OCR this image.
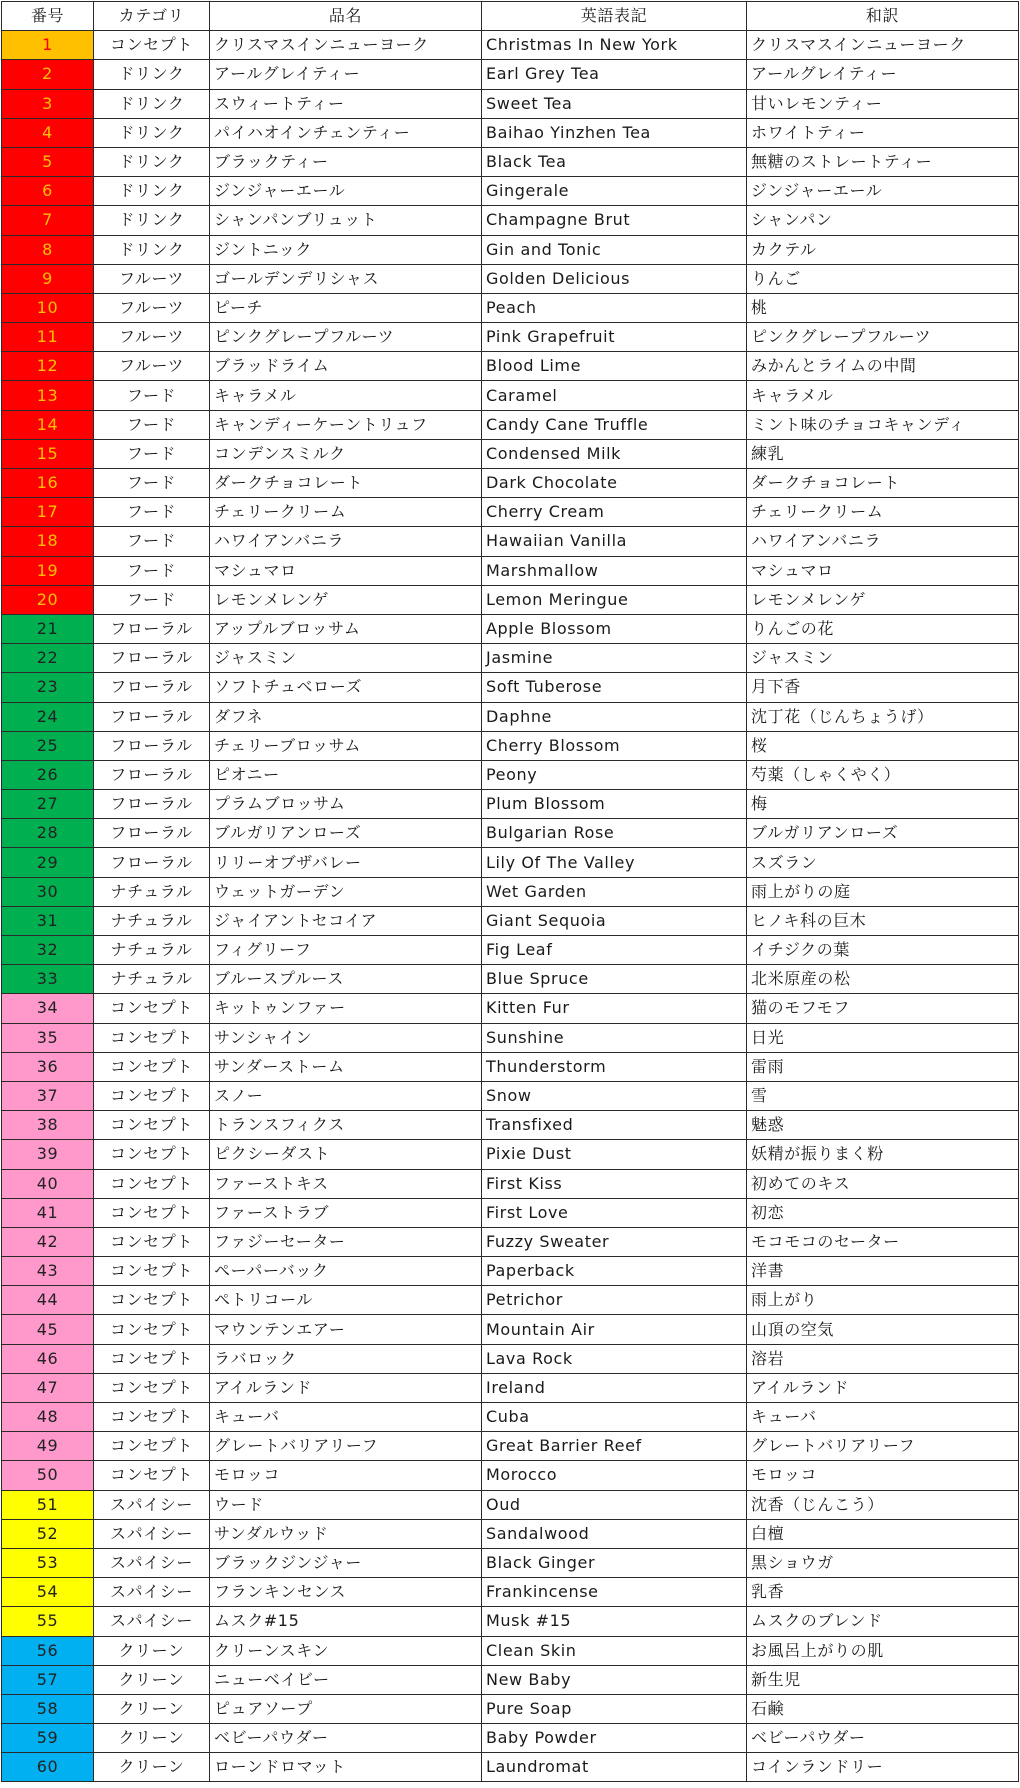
番号	カテゴリ	品名	英語表記	和訳
1	コンセプト	クリスマスインニューヨーク	Christmas In New York	クリスマスインニューヨーク
2	ドリンク	アールグレイティー	Earl Grey Tea	アールグレイティー
3	ドリンク	スウィートティー	Sweet Tea	甘いレモンティー
4	ドリンク	パイハオインチェンティー	Baihao Yinzhen Tea	ホワイトティー
5	ドリンク	ブラックティー	Black Tea	無糖のストレートティー
6	ドリンク	ジンジャーエール	Gingerale	ジンジャーエール
7	ドリンク	シャンパンブリュット	Champagne Brut	シャンパン
8	ドリンク	ジントニック	Gin and Tonic	カクテル
9	フルーツ	ゴールデンデリシャス	Golden Delicious	りんご
10	フルーツ	ピーチ	Peach	桃
11	フルーツ	ピンクグレープフルーツ	Pink Grapefruit	ピンクグレープフルーツ
12	フルーツ	ブラッドライム	Blood Lime	みかんとライムの中間
13	フード	キャラメル	Caramel	キャラメル
14	フード	キャンディーケーントリュフ	Candy Cane Truffle	ミント味のチョコキャンディ
15	フード	コンデンスミルク	Condensed Milk	練乳
16	フード	ダークチョコレート	Dark Chocolate	ダークチョコレート
17	フード	チェリークリーム	Cherry Cream	チェリークリーム
18	フード	ハワイアンバニラ	Hawaiian Vanilla	ハワイアンバニラ
19	フード	マシュマロ	Marshmallow	マシュマロ
20	フード	レモンメレンゲ	Lemon Meringue	レモンメレンゲ
21	フローラル	アップルブロッサム	Apple Blossom	りんごの花
22	フローラル	ジャスミン	Jasmine	ジャスミン
23	フローラル	ソフトチュベローズ	Soft Tuberose	月下香
24	フローラル	ダフネ	Daphne	沈丁花（じんちょうげ）
25	フローラル	チェリーブロッサム	Cherry Blossom	桜
26	フローラル	ピオニー	Peony	芍薬（しゃくやく）
27	フローラル	プラムブロッサム	Plum Blossom	梅
28	フローラル	ブルガリアンローズ	Bulgarian Rose	ブルガリアンローズ
29	フローラル	リリーオブザバレー	Lily Of The Valley	スズラン
30	ナチュラル	ウェットガーデン	Wet Garden	雨上がりの庭
31	ナチュラル	ジャイアントセコイア	Giant Sequoia	ヒノキ科の巨木
32	ナチュラル	フィグリーフ	Fig Leaf	イチジクの葉
33	ナチュラル	ブルースプルース	Blue Spruce	北米原産の松
34	コンセプト	キットゥンファー	Kitten Fur	猫のモフモフ
35	コンセプト	サンシャイン	Sunshine	日光
36	コンセプト	サンダーストーム	Thunderstorm	雷雨
37	コンセプト	スノー	Snow	雪
38	コンセプト	トランスフィクス	Transfixed	魅惑
39	コンセプト	ピクシーダスト	Pixie Dust	妖精が振りまく粉
40	コンセプト	ファーストキス	First Kiss	初めてのキス
41	コンセプト	ファーストラブ	First Love	初恋
42	コンセプト	ファジーセーター	Fuzzy Sweater	モコモコのセーター
43	コンセプト	ペーパーバック	Paperback	洋書
44	コンセプト	ペトリコール	Petrichor	雨上がり
45	コンセプト	マウンテンエアー	Mountain Air	山頂の空気
46	コンセプト	ラバロック	Lava Rock	溶岩
47	コンセプト	アイルランド	Ireland	アイルランド
48	コンセプト	キューバ	Cuba	キューバ
49	コンセプト	グレートバリアリーフ	Great Barrier Reef	グレートバリアリーフ
50	コンセプト	モロッコ	Morocco	モロッコ
51	スパイシー	ウード	Oud	沈香（じんこう）
52	スパイシー	サンダルウッド	Sandalwood	白檀
53	スパイシー	ブラックジンジャー	Black Ginger	黒ショウガ
54	スパイシー	フランキンセンス	Frankincense	乳香
55	スパイシー	ムスク#15	Musk #15	ムスクのブレンド
56	クリーン	クリーンスキン	Clean Skin	お風呂上がりの肌
57	クリーン	ニューベイビー	New Baby	新生児
58	クリーン	ピュアソープ	Pure Soap	石鹸
59	クリーン	ベビーパウダー	Baby Powder	ベビーパウダー
60	クリーン	ローンドロマット	Laundromat	コインランドリー
